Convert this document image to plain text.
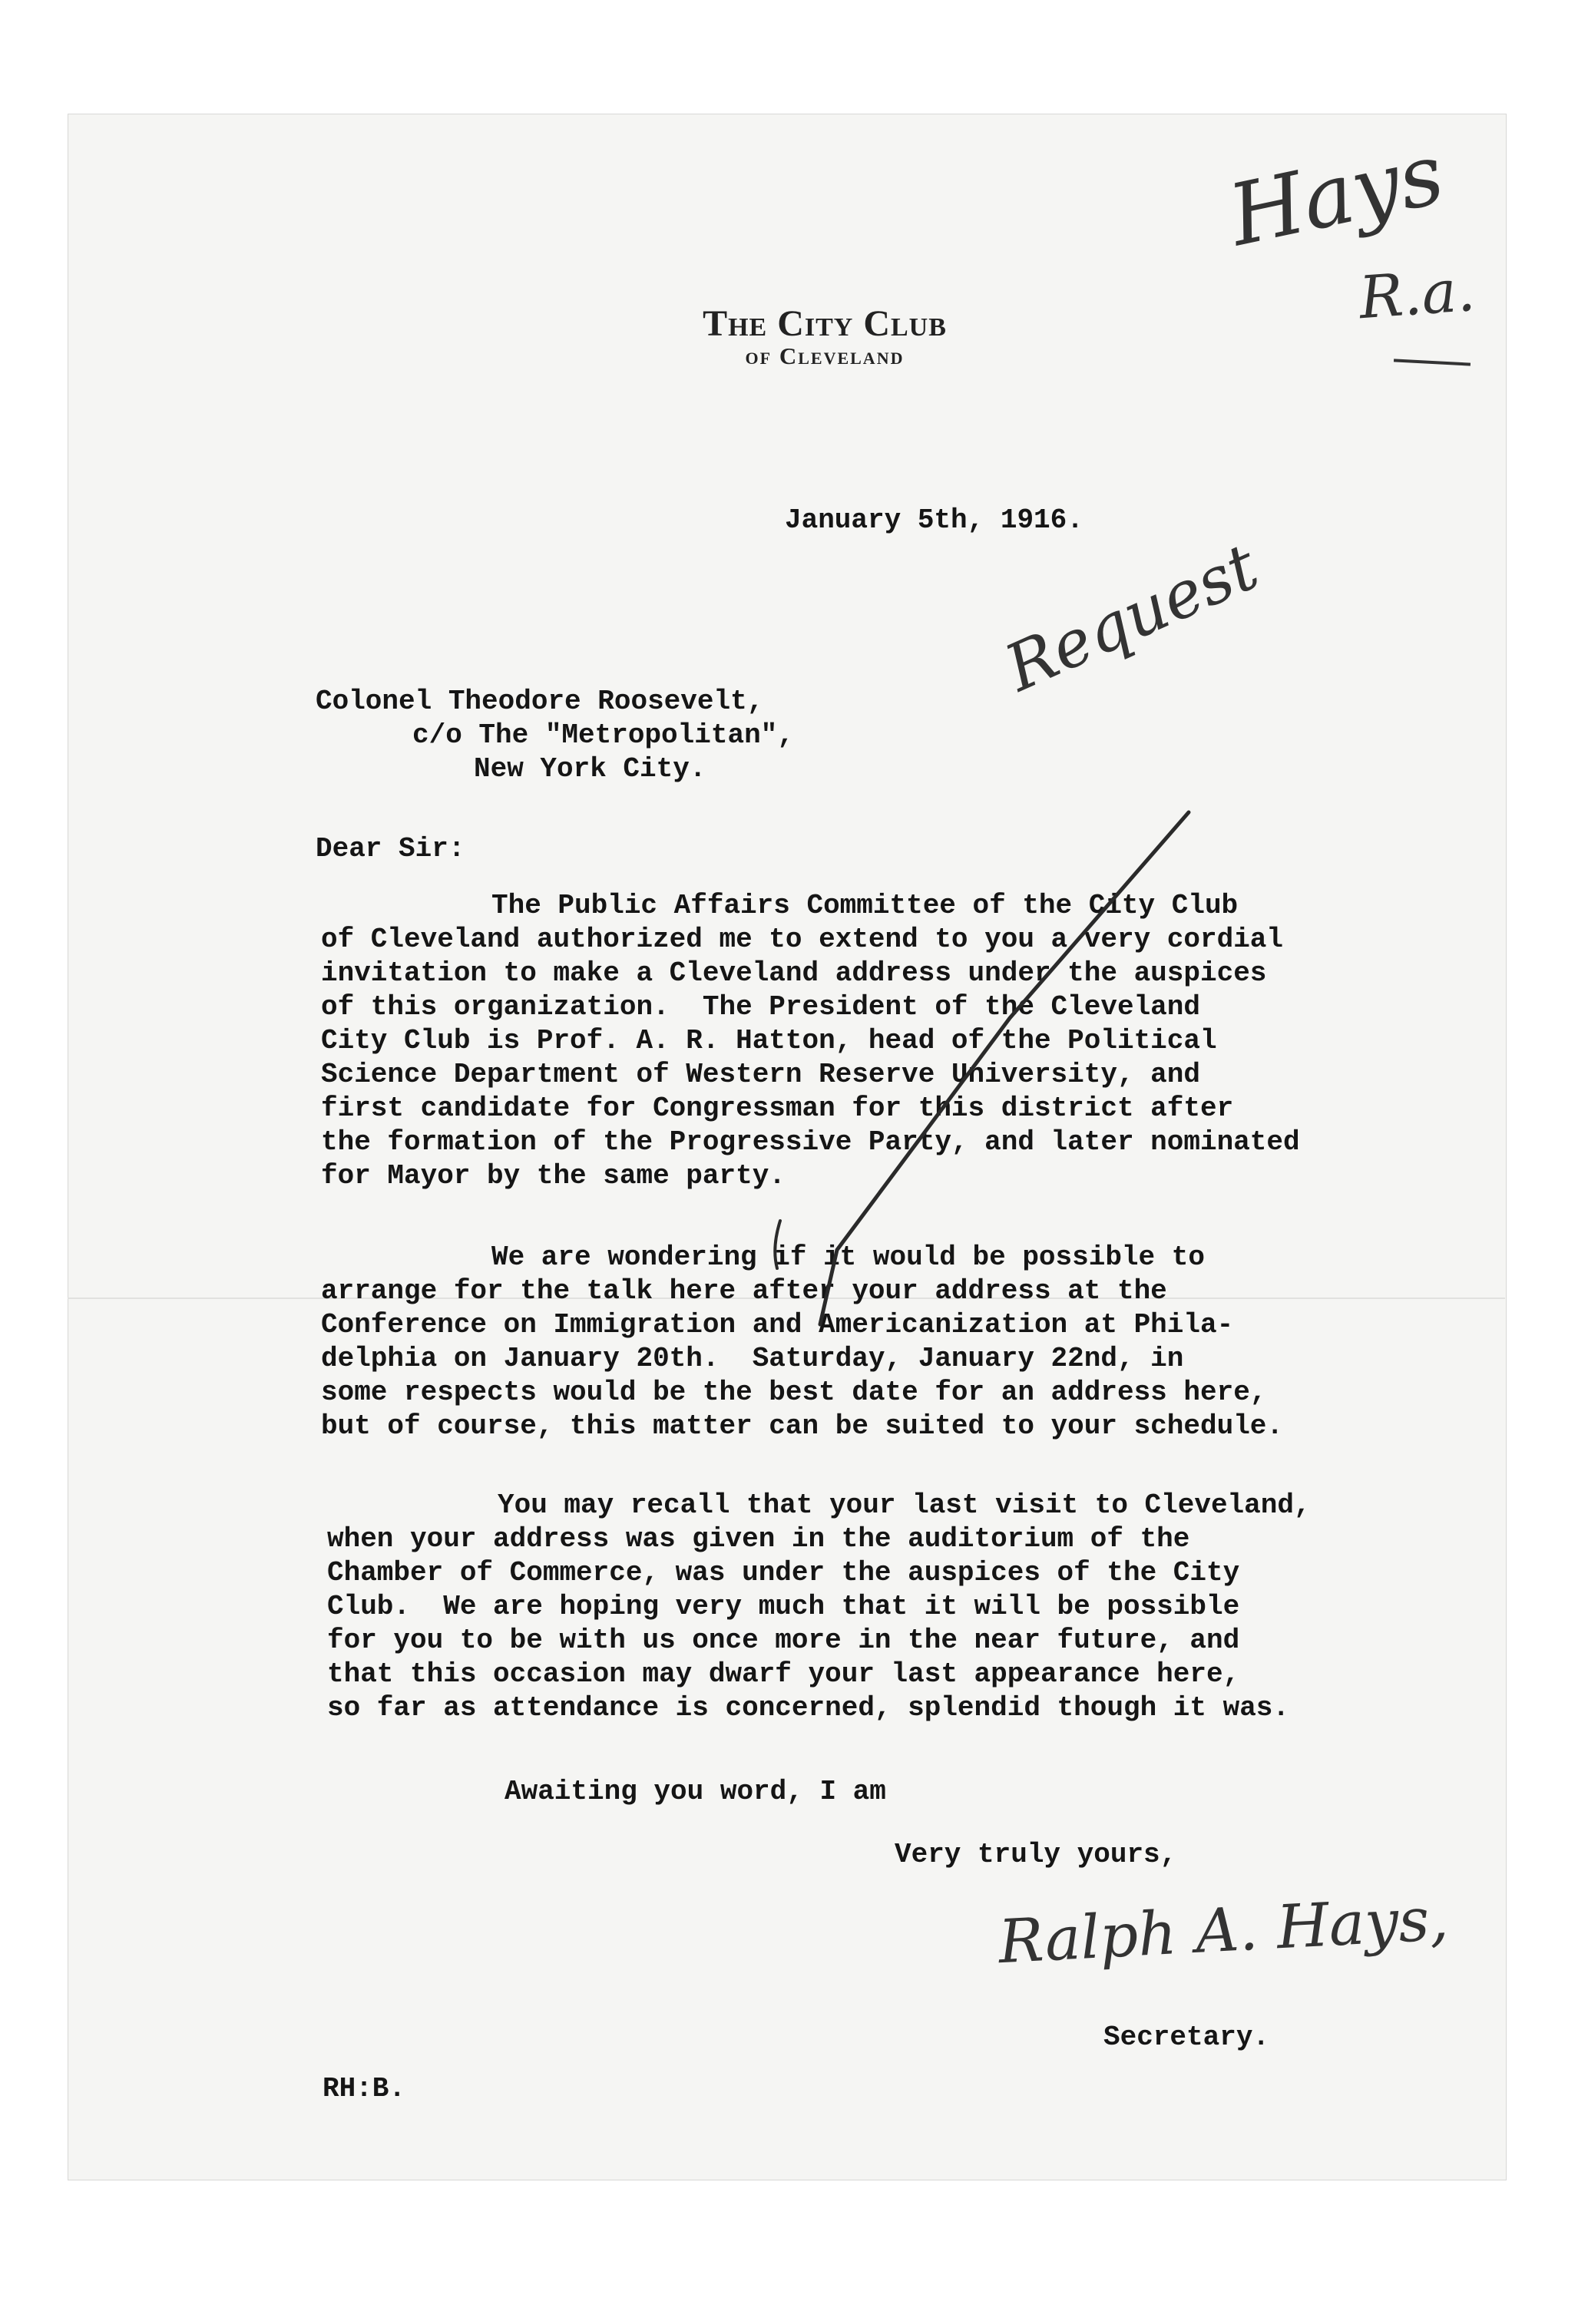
The City Club
of Cleveland
Hays
R.a.
January 5th, 1916.
Request
Colonel Theodore Roosevelt,
c/o The "Metropolitan",
New York City.
Dear Sir:
The Public Affairs Committee of the City Club
of Cleveland authorized me to extend to you a very cordial
invitation to make a Cleveland address under the auspices
of this organization.  The President of the Cleveland
City Club is Prof. A. R. Hatton, head of the Political
Science Department of Western Reserve University, and
first candidate for Congressman for this district after
the formation of the Progressive Party, and later nominated
for Mayor by the same party.
We are wondering if it would be possible to
arrange for the talk here after your address at the
Conference on Immigration and Americanization at Phila-
delphia on January 20th.  Saturday, January 22nd, in
some respects would be the best date for an address here,
but of course, this matter can be suited to your schedule.
You may recall that your last visit to Cleveland,
when your address was given in the auditorium of the
Chamber of Commerce, was under the auspices of the City
Club.  We are hoping very much that it will be possible
for you to be with us once more in the near future, and
that this occasion may dwarf your last appearance here,
so far as attendance is concerned, splendid though it was.
Awaiting you word, I am
Very truly yours,
Ralph A. Hays,
Secretary.
RH:B.
